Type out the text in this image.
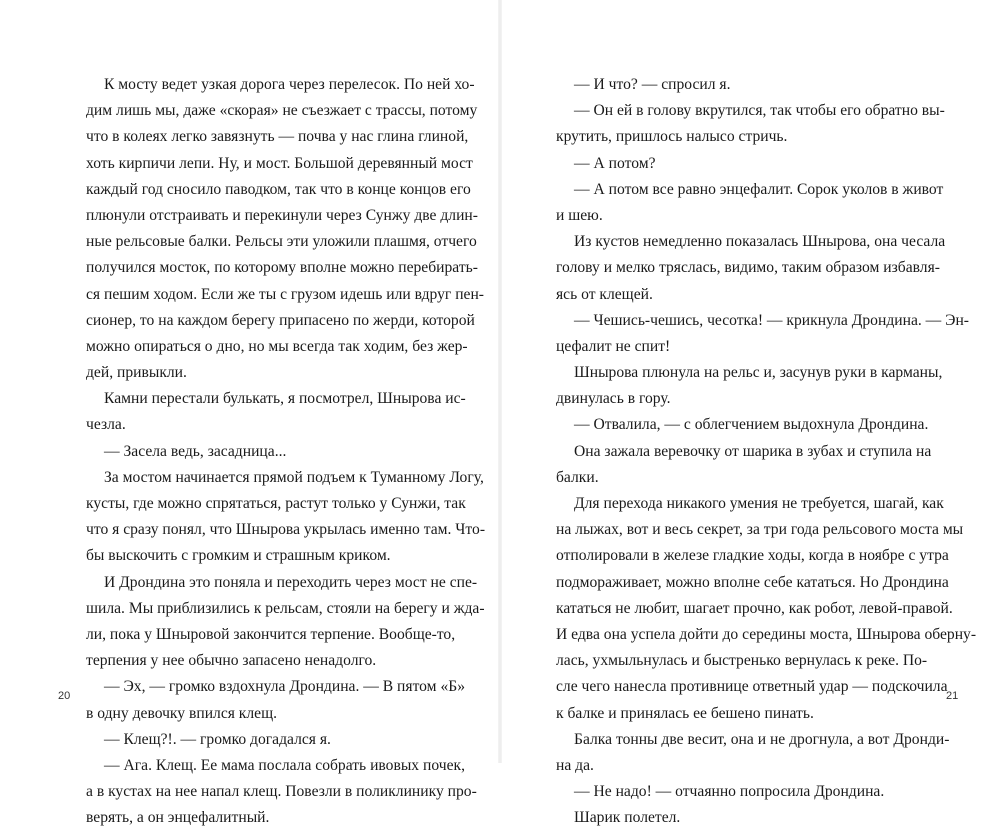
К мосту ведет узкая дорога через перелесок. По ней хо-
дим лишь мы, даже «скорая» не съезжает с трассы, потому
что в колеях легко завязнуть — почва у нас глина глиной,
хоть кирпичи лепи. Ну, и мост. Большой деревянный мост
каждый год сносило паводком, так что в конце концов его
плюнули отстраивать и перекинули через Сунжу две длин-
ные рельсовые балки. Рельсы эти уложили плашмя, отчего
получился мосток, по которому вполне можно перебирать-
ся пешим ходом. Если же ты с грузом идешь или вдруг пен-
сионер, то на каждом берегу припасено по жерди, которой
можно опираться о дно, но мы всегда так ходим, без жер-
дей, привыкли.
Камни перестали булькать, я посмотрел, Шнырова ис-
чезла.
— Засела ведь, засадница...
За мостом начинается прямой подъем к Туманному Логу,
кусты, где можно спрятаться, растут только у Сунжи, так
что я сразу понял, что Шнырова укрылась именно там. Что-
бы выскочить с громким и страшным криком.
И Дрондина это поняла и переходить через мост не спе-
шила. Мы приблизились к рельсам, стояли на берегу и жда-
ли, пока у Шныровой закончится терпение. Вообще-то,
терпения у нее обычно запасено ненадолго.
— Эх, — громко вздохнула Дрондина. — В пятом «Б»
в одну девочку впился клещ.
— Клещ?!. — громко догадался я.
— Ага. Клещ. Ее мама послала собрать ивовых почек,
а в кустах на нее напал клещ. Повезли в поликлинику про-
верять, а он энцефалитный.
20
— И что? — спросил я.
— Он ей в голову вкрутился, так чтобы его обратно вы-
крутить, пришлось налысо стричь.
— А потом?
— А потом все равно энцефалит. Сорок уколов в живот
и шею.
Из кустов немедленно показалась Шнырова, она чесала
голову и мелко тряслась, видимо, таким образом избавля-
ясь от клещей.
— Чешись-чешись, чесотка! — крикнула Дрондина. — Эн-
цефалит не спит!
Шнырова плюнула на рельс и, засунув руки в карманы,
двинулась в гору.
— Отвалила, — с облегчением выдохнула Дрондина.
Она зажала веревочку от шарика в зубах и ступила на
балки.
Для перехода никакого умения не требуется, шагай, как
на лыжах, вот и весь секрет, за три года рельсового моста мы
отполировали в железе гладкие ходы, когда в ноябре с утра
подмораживает, можно вполне себе кататься. Но Дрондина
кататься не любит, шагает прочно, как робот, левой-правой.
И едва она успела дойти до середины моста, Шнырова оберну-
лась, ухмыльнулась и быстренько вернулась к реке. По-
сле чего нанесла противнице ответный удар — подскочила
к балке и принялась ее бешено пинать.
Балка тонны две весит, она и не дрогнула, а вот Дронди-
на да.
— Не надо! — отчаянно попросила Дрондина.
Шарик полетел.
21
